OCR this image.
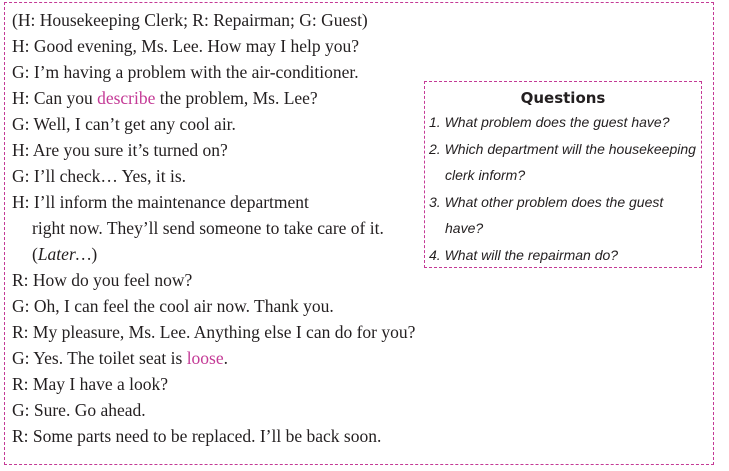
(H: Housekeeping Clerk; R: Repairman; G: Guest)
H: Good evening, Ms. Lee. How may I help you?
G: I’m having a problem with the air-conditioner.
H: Can you describe the problem, Ms. Lee?
G: Well, I can’t get any cool air.
H: Are you sure it’s turned on?
G: I’ll check… Yes, it is.
H: I’ll inform the maintenance department
right now. They’ll send someone to take care of it.
(Later…)
R: How do you feel now?
G: Oh, I can feel the cool air now. Thank you.
R: My pleasure, Ms. Lee. Anything else I can do for you?
G: Yes. The toilet seat is loose.
R: May I have a look?
G: Sure. Go ahead.
R: Some parts need to be replaced. I’ll be back soon.
Questions
1. What problem does the guest have?
2. Which department will the housekeeping
clerk inform?
3. What other problem does the guest
have?
4. What will the repairman do?
